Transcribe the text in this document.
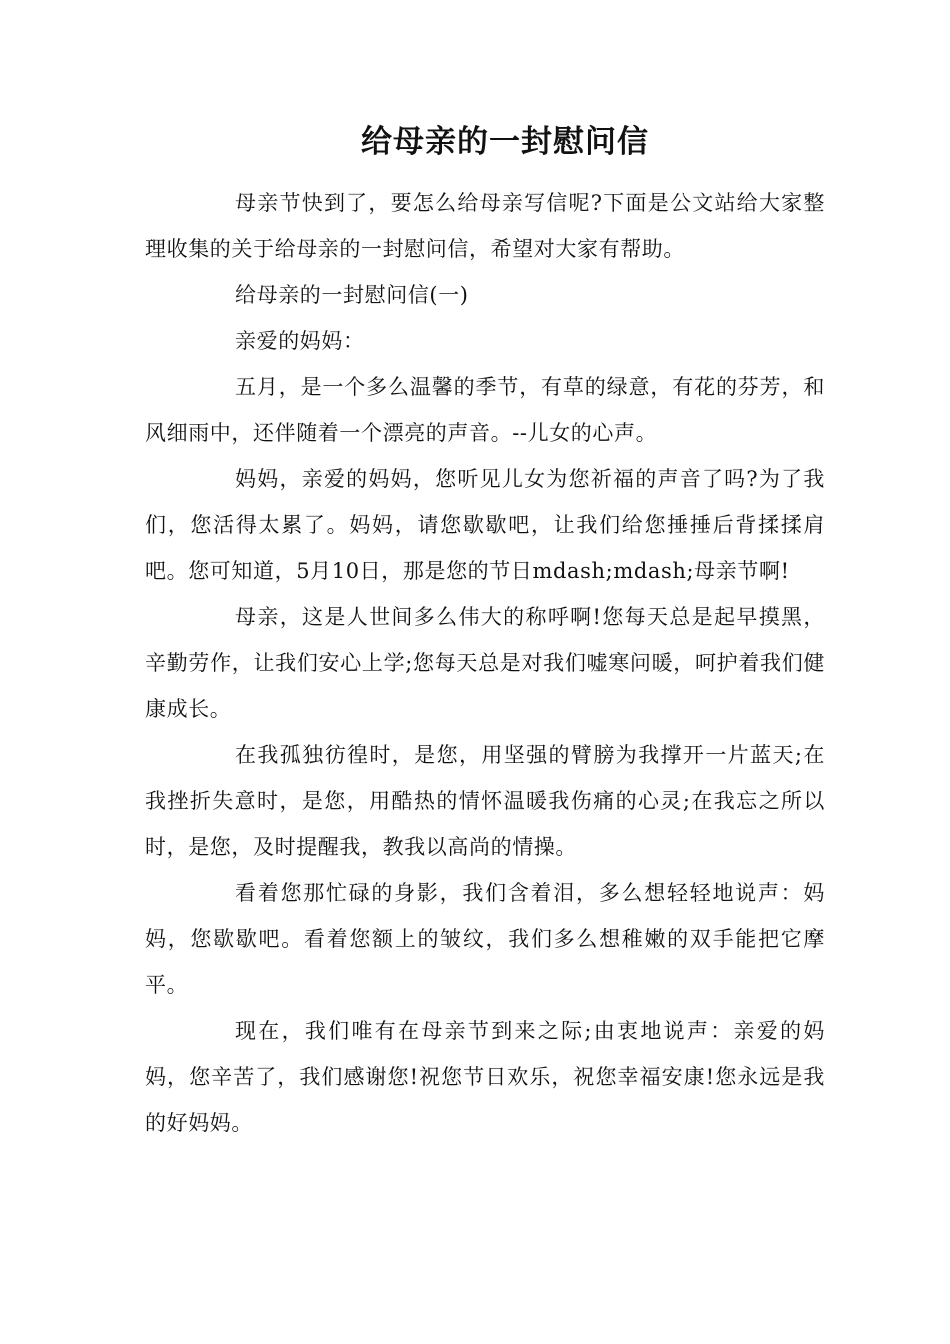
给母亲的一封慰问信

母亲节快到了，要怎么给母亲写信呢?下面是公文站给大家整理收集的关于给母亲的一封慰问信，希望对大家有帮助。

给母亲的一封慰问信(一)

亲爱的妈妈：

五月，是一个多么温馨的季节，有草的绿意，有花的芬芳，和风细雨中，还伴随着一个漂亮的声音。--儿女的心声。

妈妈，亲爱的妈妈，您听见儿女为您祈福的声音了吗?为了我们，您活得太累了。妈妈，请您歇歇吧，让我们给您捶捶后背揉揉肩吧。您可知道，5月10日，那是您的节日mdash;mdash;母亲节啊!

母亲，这是人世间多么伟大的称呼啊!您每天总是起早摸黑，辛勤劳作，让我们安心上学;您每天总是对我们嘘寒问暖，呵护着我们健康成长。

在我孤独彷徨时，是您，用坚强的臂膀为我撑开一片蓝天;在我挫折失意时，是您，用酷热的情怀温暖我伤痛的心灵;在我忘之所以时，是您，及时提醒我，教我以高尚的情操。

看着您那忙碌的身影，我们含着泪，多么想轻轻地说声：妈妈，您歇歇吧。看着您额上的皱纹，我们多么想稚嫩的双手能把它摩平。

现在，我们唯有在母亲节到来之际;由衷地说声：亲爱的妈妈，您辛苦了，我们感谢您!祝您节日欢乐，祝您幸福安康!您永远是我的好妈妈。
